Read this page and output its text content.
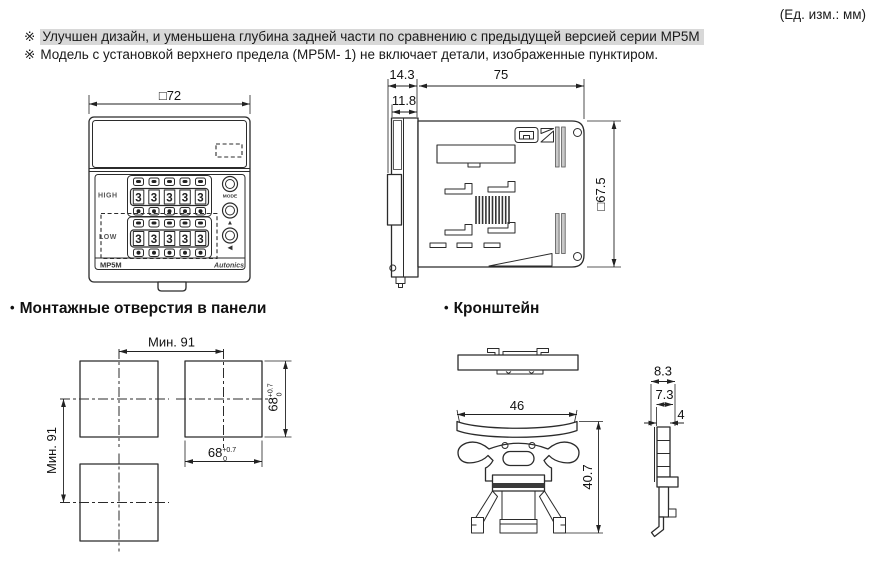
(Ед. изм.: мм)
※ Улучшен дизайн, и уменьшена глубина задней части по сравнению с предыдущей версией серии MP5M
※ Модель с установкой верхнего предела (MP5M- 1) не включает детали, изображенные пунктиром.
□72
3 3 3 3 3
3 3 3 3 3
HIGH
LOW
MODE
▲
◀
MP5M	Autonics
14.3	75
11.8
□67.5
• Монтажные отверстия в панели	• Кронштейн
Мин. 91
Мин. 91
$68^{+0.7}$ 0
$68^{+0.7}$ 0
46
40.7
8.3
7.3
4
